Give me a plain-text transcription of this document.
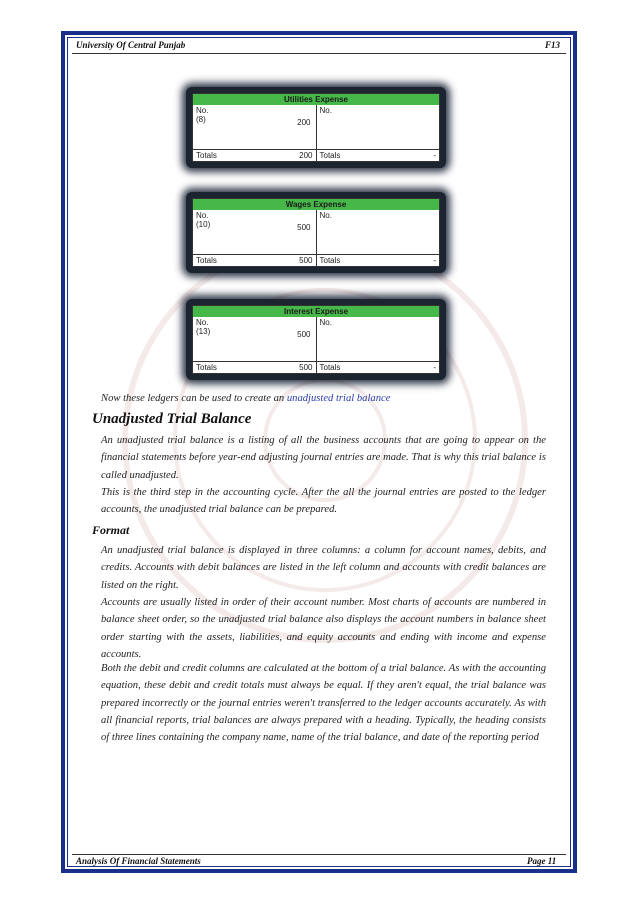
University Of Central Punjab	F13
Utilities Expense
No.
(8)	200
No.
Totals	200 Totals	-
Wages Expense
No.
(10)	500
No.
Totals	500 Totals	-
Interest Expense
No.
(13)	500
No.
Totals	500 Totals	-
Now these ledgers can be used to create an unadjusted trial balance
Unadjusted Trial Balance
An unadjusted trial balance is a listing of all the business accounts that are going to appear on the financial statements before year-end adjusting journal entries are made. That is why this trial balance is called unadjusted.
This is the third step in the accounting cycle. After the all the journal entries are posted to the ledger accounts, the unadjusted trial balance can be prepared.
Format
An unadjusted trial balance is displayed in three columns: a column for account names, debits, and credits. Accounts with debit balances are listed in the left column and accounts with credit balances are listed on the right.
Accounts are usually listed in order of their account number. Most charts of accounts are numbered in balance sheet order, so the unadjusted trial balance also displays the account numbers in balance sheet order starting with the assets, liabilities, and equity accounts and ending with income and expense accounts.
Both the debit and credit columns are calculated at the bottom of a trial balance. As with the accounting equation, these debit and credit totals must always be equal. If they aren't equal, the trial balance was prepared incorrectly or the journal entries weren't transferred to the ledger accounts accurately. As with all financial reports, trial balances are always prepared with a heading. Typically, the heading consists of three lines containing the company name, name of the trial balance, and date of the reporting period
Analysis Of Financial Statements	Page 11
